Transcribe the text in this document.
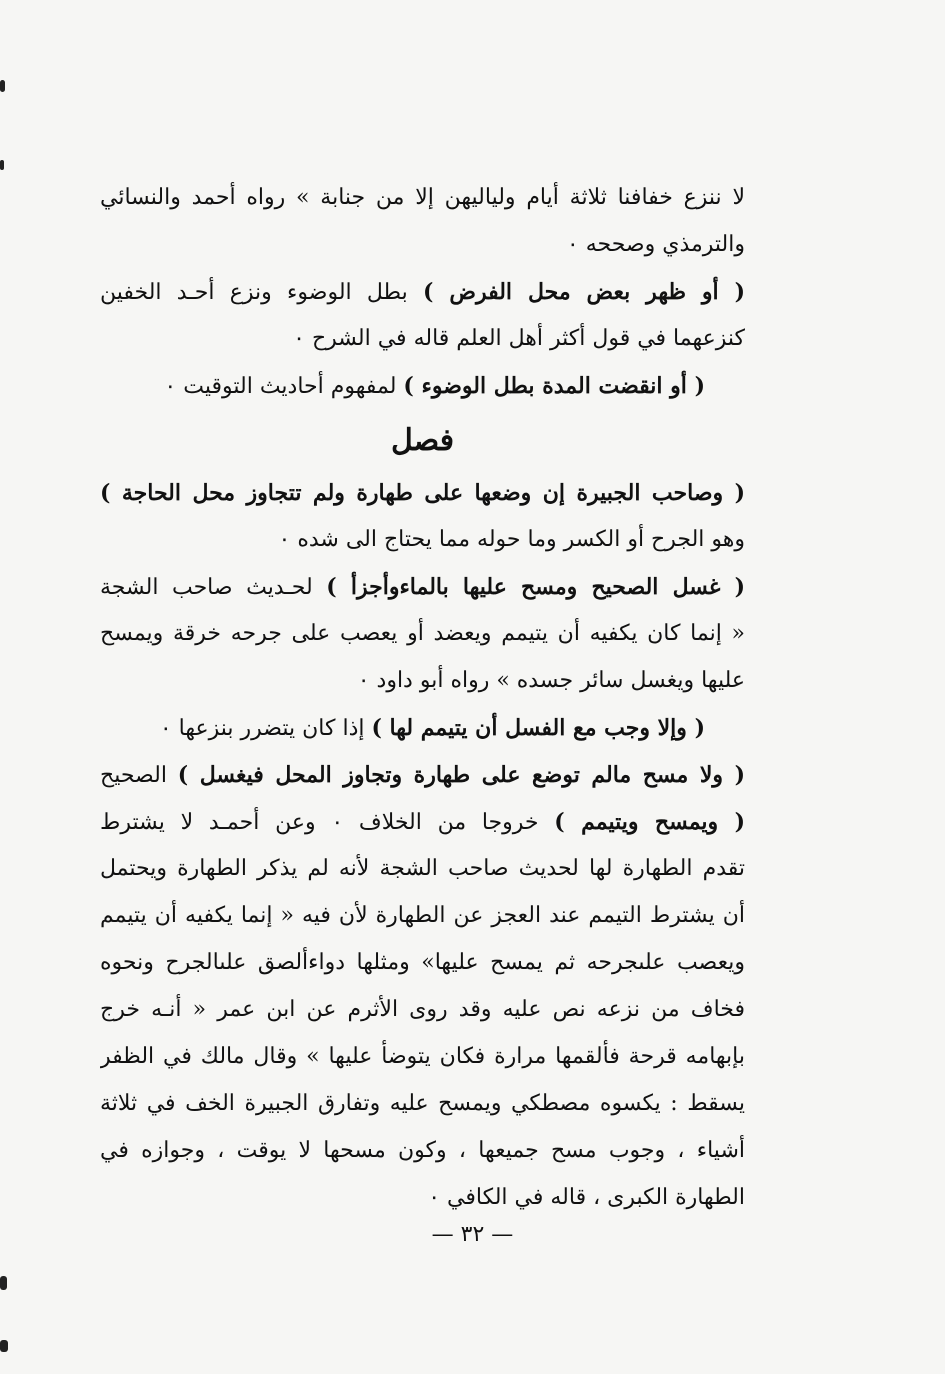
لا ننزع خفافنا ثلاثة أيام ولياليهن إلا من جنابة » رواه أحمد والنسائي
والترمذي وصححه ٠
( أو ظهر بعض محل الفرض ) بطل الوضوء ونزع أحـد الخفين
كنزعهما في قول أكثر أهل العلم قاله في الشرح ٠
( أو انقضت المدة بطل الوضوء ) لمفهوم أحاديث التوقيت ٠
فصل
( وصاحب الجبيرة إن وضعها على طهارة ولم تتجاوز محل الحاجة )
وهو الجرح أو الكسر وما حوله مما يحتاج الى شده ٠
( غسل الصحيح ومسح عليها بالماءوأجزأ ) لحـديث صاحب الشجة
« إنما كان يكفيه أن يتيمم ويعضد أو يعصب على جرحه خرقة ويمسح
عليها ويغسل سائر جسده » رواه أبو داود ٠
( وإلا وجب مع الفسل أن يتيمم لها ) إذا كان يتضرر بنزعها ٠
( ولا مسح مالم توضع على طهارة وتجاوز المحل فيغسل ) الصحيح
( ويمسح ويتيمم ) خروجا من الخلاف ٠ وعن أحمـد لا يشترط
تقدم الطهارة لها لحديث صاحب الشجة لأنه لم يذكر الطهارة ويحتمل
أن يشترط التيمم عند العجز عن الطهارة لأن فيه « إنما يكفيه أن يتيمم
ويعصب علىجرحه ثم يمسح عليها» ومثلها دواءألصق علىالجرح ونحوه
فخاف من نزعه نص عليه وقد روى الأثرم عن ابن عمر « أنـه خرج
بإبهامه قرحة فألقمها مرارة فكان يتوضأ عليها » وقال مالك في الظفر
يسقط : يكسوه مصطكي ويمسح عليه وتفارق الجبيرة الخف في ثلاثة
أشياء ، وجوب مسح جميعها ، وكون مسحها لا يوقت ، وجوازه في
الطهارة الكبرى ، قاله في الكافي ٠
— ٣٢ —
